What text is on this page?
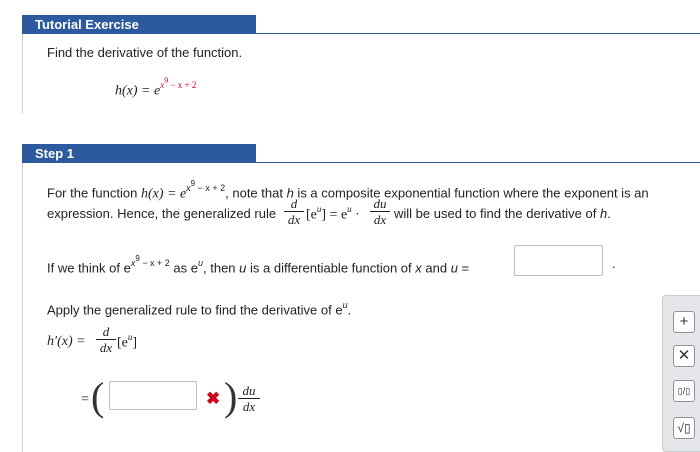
Tutorial Exercise
Find the derivative of the function.
$h(x) = e^{x^9 - x + 2}$
Step 1
For the function $h(x) = e^{x^9 - x + 2}$, note that h is a composite exponential function where the exponent is an
expression. Hence, the generalized rule
d
dx $[e^u] = e^u$ ·
du
dx will be used to find the derivative of h.
If we think of $e^{x^9 - x + 2}$ as $e^u$, then u is a differentiable function of x and u =	.
Apply the generalized rule to find the derivative of $e^u$.
h′(x) =
d
dx $[e^u]$
= (	✖ ) du
dx
+
✕
▯/▯
√▯
